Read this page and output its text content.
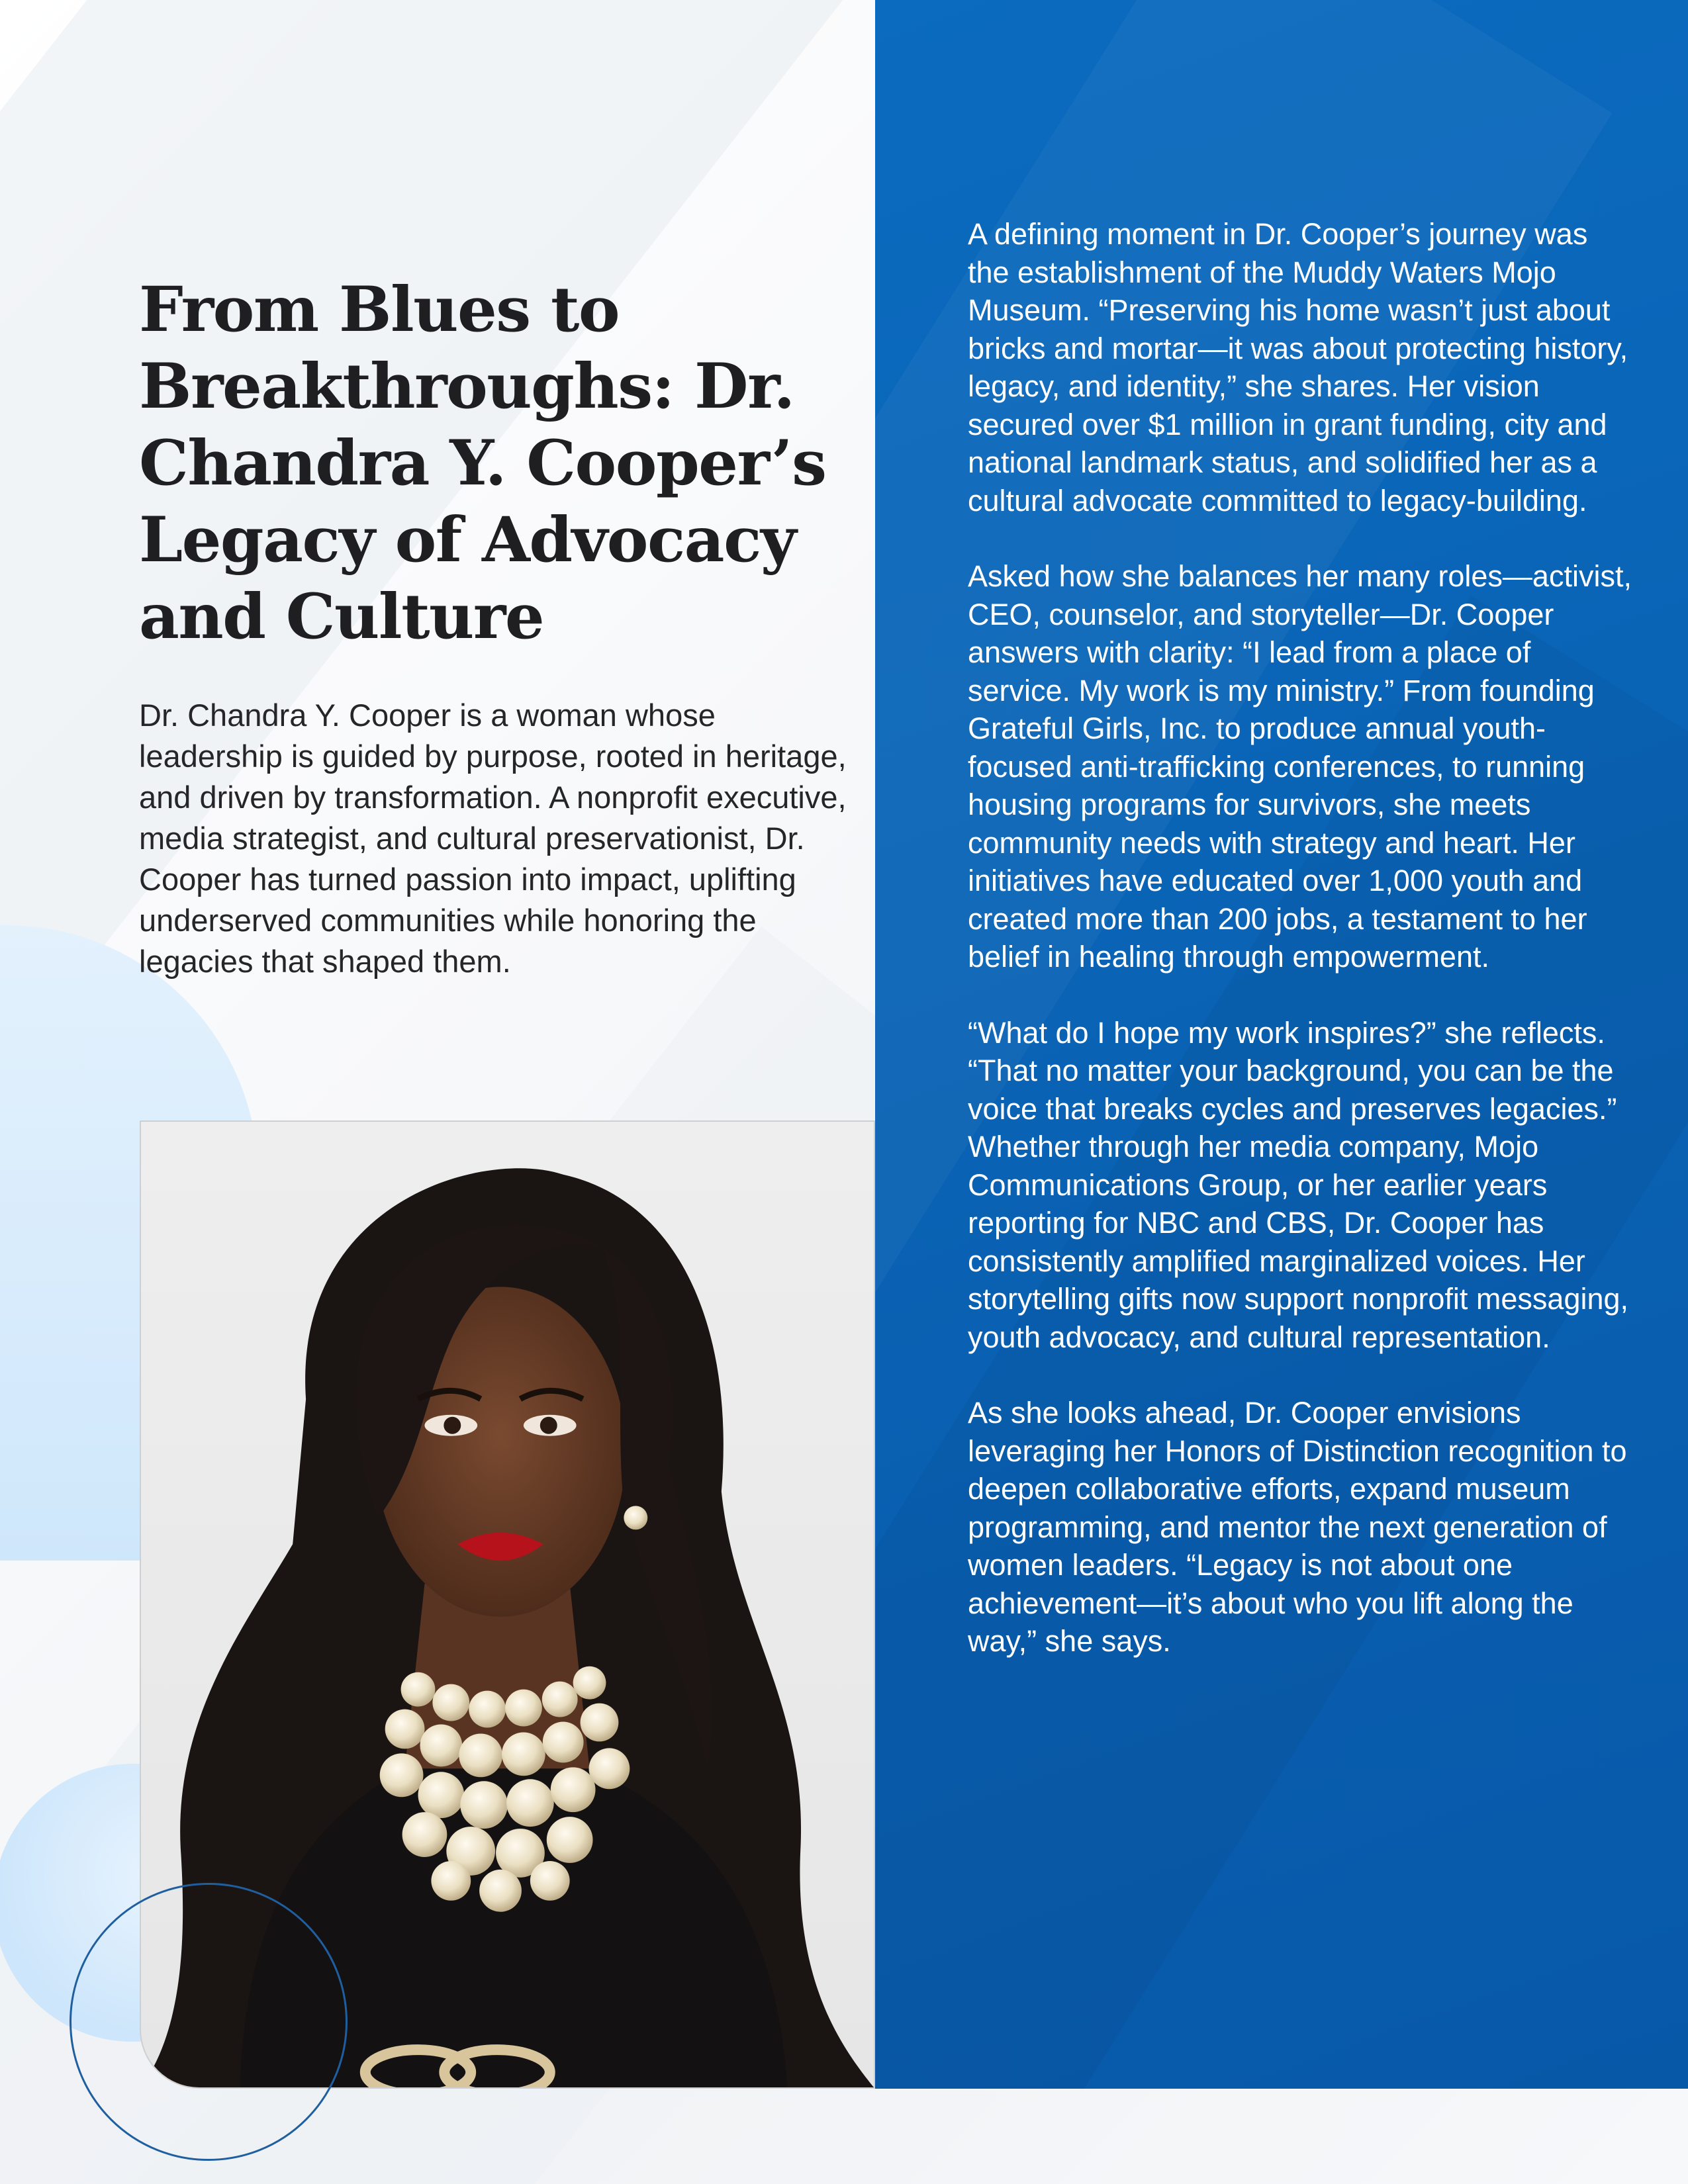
From Blues to Breakthroughs: Dr. Chandra Y. Cooper’s Legacy of Advocacy and Culture

Dr. Chandra Y. Cooper is a woman whose leadership is guided by purpose, rooted in heritage, and driven by transformation. A nonprofit executive, media strategist, and cultural preservationist, Dr. Cooper has turned passion into impact, uplifting underserved communities while honoring the legacies that shaped them.

A defining moment in Dr. Cooper’s journey was the establishment of the Muddy Waters Mojo Museum. “Preserving his home wasn’t just about bricks and mortar—it was about protecting history, legacy, and identity,” she shares. Her vision secured over $1 million in grant funding, city and national landmark status, and solidified her as a cultural advocate committed to legacy-building.

Asked how she balances her many roles—activist, CEO, counselor, and storyteller—Dr. Cooper answers with clarity: “I lead from a place of service. My work is my ministry.” From founding Grateful Girls, Inc. to produce annual youth-focused anti-trafficking conferences, to running housing programs for survivors, she meets community needs with strategy and heart. Her initiatives have educated over 1,000 youth and created more than 200 jobs, a testament to her belief in healing through empowerment.

“What do I hope my work inspires?” she reflects. “That no matter your background, you can be the voice that breaks cycles and preserves legacies.” Whether through her media company, Mojo Communications Group, or her earlier years reporting for NBC and CBS, Dr. Cooper has consistently amplified marginalized voices. Her storytelling gifts now support nonprofit messaging, youth advocacy, and cultural representation.

As she looks ahead, Dr. Cooper envisions leveraging her Honors of Distinction recognition to deepen collaborative efforts, expand museum programming, and mentor the next generation of women leaders. “Legacy is not about one achievement—it’s about who you lift along the way,” she says.
